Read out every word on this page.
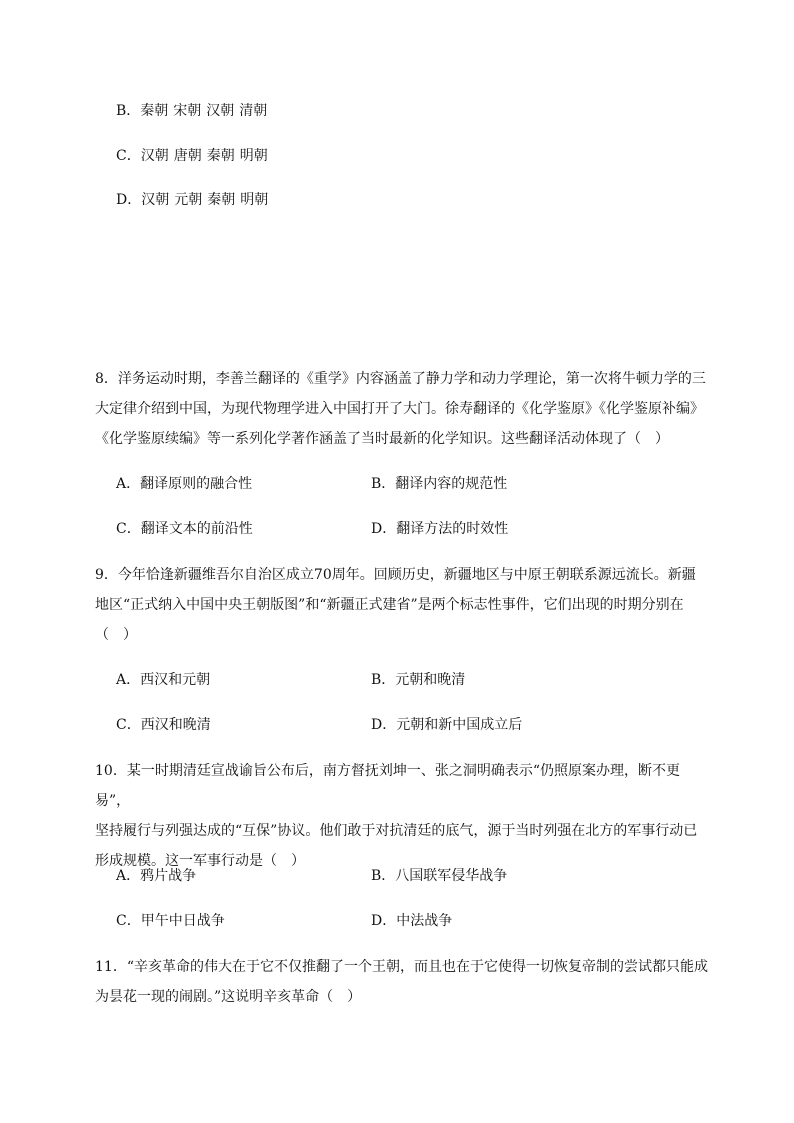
B．秦朝 宋朝 汉朝 清朝
C．汉朝 唐朝 秦朝 明朝
D．汉朝 元朝 秦朝 明朝
8．洋务运动时期，李善兰翻译的《重学》内容涵盖了静力学和动力学理论，第一次将牛顿力学的三
大定律介绍到中国，为现代物理学进入中国打开了大门。徐寿翻译的《化学鉴原》《化学鉴原补编》
《化学鉴原续编》等一系列化学著作涵盖了当时最新的化学知识。这些翻译活动体现了（　）
A．翻译原则的融合性	B．翻译内容的规范性
C．翻译文本的前沿性	D．翻译方法的时效性
9．今年恰逢新疆维吾尔自治区成立70周年。回顾历史，新疆地区与中原王朝联系源远流长。新疆
地区“正式纳入中国中央王朝版图”和“新疆正式建省”是两个标志性事件，它们出现的时期分别在
（　）
A．西汉和元朝	B．元朝和晚清
C．西汉和晚清	D．元朝和新中国成立后
10．某一时期清廷宣战谕旨公布后，南方督抚刘坤一、张之洞明确表示“仍照原案办理，断不更易”，
坚持履行与列强达成的“互保”协议。他们敢于对抗清廷的底气，源于当时列强在北方的军事行动已
形成规模。这一军事行动是（　）
A．鸦片战争	B．八国联军侵华战争
C．甲午中日战争	D．中法战争
11．“辛亥革命的伟大在于它不仅推翻了一个王朝，而且也在于它使得一切恢复帝制的尝试都只能成
为昙花一现的闹剧。”这说明辛亥革命（　）
